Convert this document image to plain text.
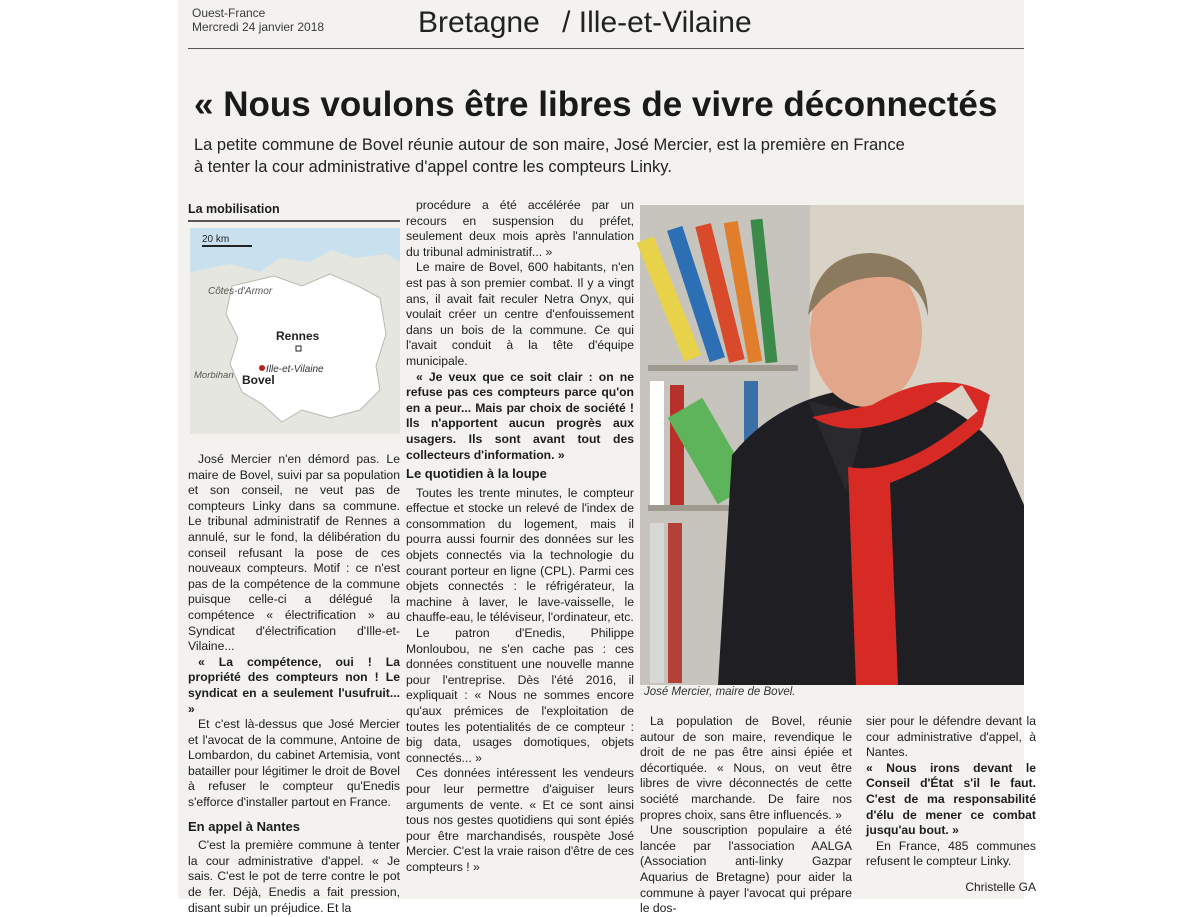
Ouest-France
Mercredi 24 janvier 2018	Bretagne / Ille-et-Vilaine
« Nous voulons être libres de vivre déconnectés
La petite commune de Bovel réunie autour de son maire, José Mercier, est la première en France
à tenter la cour administrative d'appel contre les compteurs Linky.
La mobilisation
20 km
Côtes-d'Armor
Rennes
Ille-et-Vilaine
Morbihan Bovel

José Mercier n'en démord pas. Le maire de Bovel, suivi par sa population et son conseil, ne veut pas de compteurs Linky dans sa commune. Le tribunal administratif de Rennes a annulé, sur le fond, la délibération du conseil refusant la pose de ces nouveaux compteurs. Motif : ce n'est pas de la compétence de la commune puisque celle-ci a délégué la compétence « électrification » au Syndicat d'électrification d'Ille-et-Vilaine...

« La compétence, oui ! La propriété des compteurs non ! Le syndicat en a seulement l'usufruit... »

Et c'est là-dessus que José Mercier et l'avocat de la commune, Antoine de Lombardon, du cabinet Artemisia, vont batailler pour légitimer le droit de Bovel à refuser le compteur qu'Enedis s'efforce d'installer partout en France.

En appel à Nantes

C'est la première commune à tenter la cour administrative d'appel. « Je sais. C'est le pot de terre contre le pot de fer. Déjà, Enedis a fait pression, disant subir un préjudice. Et la

procédure a été accélérée par un recours en suspension du préfet, seulement deux mois après l'annulation du tribunal administratif... »

Le maire de Bovel, 600 habitants, n'en est pas à son premier combat. Il y a vingt ans, il avait fait reculer Netra Onyx, qui voulait créer un centre d'enfouissement dans un bois de la commune. Ce qui l'avait conduit à la tête d'équipe municipale.

« Je veux que ce soit clair : on ne refuse pas ces compteurs parce qu'on en a peur... Mais par choix de société ! Ils n'apportent aucun progrès aux usagers. Ils sont avant tout des collecteurs d'information. »

Le quotidien à la loupe

Toutes les trente minutes, le compteur effectue et stocke un relevé de l'index de consommation du logement, mais il pourra aussi fournir des données sur les objets connectés via la technologie du courant porteur en ligne (CPL). Parmi ces objets connectés : le réfrigérateur, la machine à laver, le lave-vaisselle, le chauffe-eau, le téléviseur, l'ordinateur, etc.

Le patron d'Enedis, Philippe Monloubou, ne s'en cache pas : ces données constituent une nouvelle manne pour l'entreprise. Dès l'été 2016, il expliquait : « Nous ne sommes encore qu'aux prémices de l'exploitation de toutes les potentialités de ce compteur : big data, usages domotiques, objets connectés... »

Ces données intéressent les vendeurs pour leur permettre d'aiguiser leurs arguments de vente. « Et ce sont ainsi tous nos gestes quotidiens qui sont épiés pour être marchandisés, rouspète José Mercier. C'est la vraie raison d'être de ces compteurs ! »

José Mercier, maire de Bovel.

La population de Bovel, réunie autour de son maire, revendique le droit de ne pas être ainsi épiée et décortiquée. « Nous, on veut être libres de vivre déconnectés de cette société marchande. De faire nos propres choix, sans être influencés. »

Une souscription populaire a été lancée par l'association AALGA (Association anti-linky Gazpar Aquarius de Bretagne) pour aider la commune à payer l'avocat qui prépare le dos-

sier pour le défendre devant la cour administrative d'appel, à Nantes.

« Nous irons devant le Conseil d'État s'il le faut. C'est de ma responsabilité d'élu de mener ce combat jusqu'au bout. »

En France, 485 communes refusent le compteur Linky.

Christelle GA
